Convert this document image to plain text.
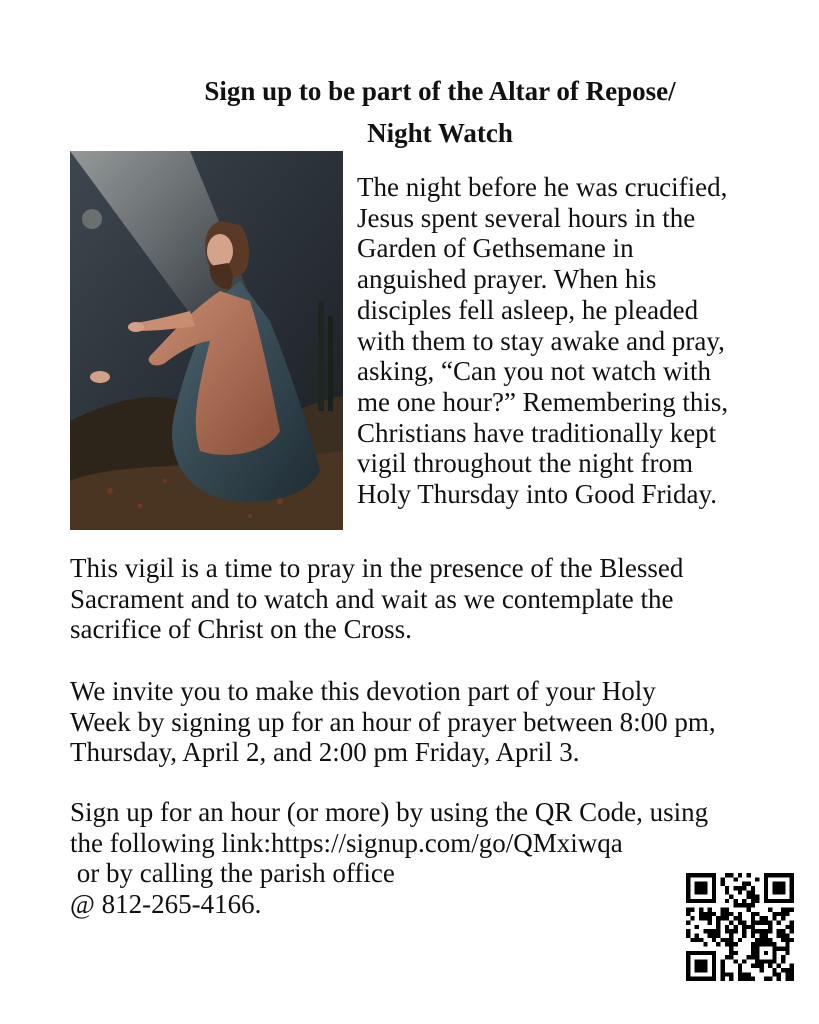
Sign up to be part of the Altar of Repose/
Night Watch

The night before he was crucified,
Jesus spent several hours in the
Garden of Gethsemane in
anguished prayer. When his
disciples fell asleep, he pleaded
with them to stay awake and pray,
asking, “Can you not watch with
me one hour?” Remembering this,
Christians have traditionally kept
vigil throughout the night from
Holy Thursday into Good Friday.

This vigil is a time to pray in the presence of the Blessed
Sacrament and to watch and wait as we contemplate the
sacrifice of Christ on the Cross.

We invite you to make this devotion part of your Holy
Week by signing up for an hour of prayer between 8:00 pm,
Thursday, April 2, and 2:00 pm Friday, April 3.

Sign up for an hour (or more) by using the QR Code, using
the following link:https://signup.com/go/QMxiwqa
or by calling the parish office
@ 812-265-4166.
